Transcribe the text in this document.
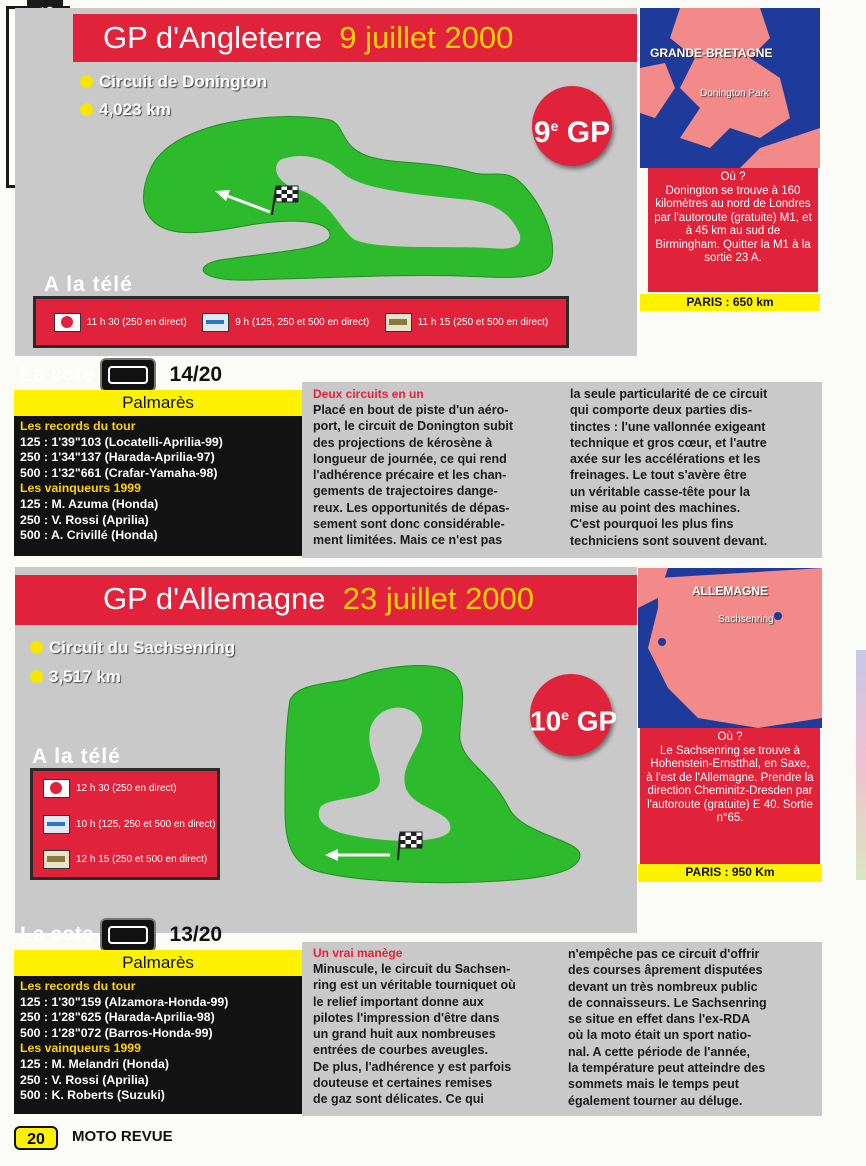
GP d'Angleterre 9 juillet 2000
Circuit de Donington
4,023 km
9e GP
A la télé
11 h 30 (250 en direct)	9 h (125, 250 et 500 en direct)	11 h 15 (250 et 500 en direct)
GRANDE-BRETAGNE
Donington Park
Où ?
Donington se trouve à 160 kilomètres au nord de Londres par l'autoroute (gratuite) M1, et à 45 km au sud de Birmingham. Quitter la M1 à la sortie 23 A.
PARIS : 650 km
La cote	14/20
Palmarès
Les records du tour
125 : 1'39"103 (Locatelli-Aprilia-99)
250 : 1'34"137 (Harada-Aprilia-97)
500 : 1'32"661 (Crafar-Yamaha-98)
Les vainqueurs 1999
125 : M. Azuma (Honda)
250 : V. Rossi (Aprilia)
500 : A. Crivillé (Honda)
Deux circuits en un
Placé en bout de piste d'un aéro-
port, le circuit de Donington subit
des projections de kérosène à
longueur de journée, ce qui rend
l'adhérence précaire et les chan-
gements de trajectoires dange-
reux. Les opportunités de dépas-
sement sont donc considérable-
ment limitées. Mais ce n'est pas
la seule particularité de ce circuit
qui comporte deux parties dis-
tinctes : l'une vallonnée exigeant
technique et gros cœur, et l'autre
axée sur les accélérations et les
freinages. Le tout s'avère être
un véritable casse-tête pour la
mise au point des machines.
C'est pourquoi les plus fins
techniciens sont souvent devant.
GP d'Allemagne 23 juillet 2000
Circuit du Sachsenring
3,517 km
10e GP
A la télé
12 h 30 (250 en direct)
10 h (125, 250 et 500 en direct)
12 h 15 (250 et 500 en direct)
ALLEMAGNE
Sachsenring
Où ?
Le Sachsenring se trouve à Hohenstein-Ernstthal, en Saxe, à l'est de l'Allemagne. Prendre la direction Cheminitz-Dresden par l'autoroute (gratuite) E 40. Sortie n°65.
PARIS : 950 Km
La cote	13/20
Palmarès
Les records du tour
125 : 1'30"159 (Alzamora-Honda-99)
250 : 1'28"625 (Harada-Aprilia-98)
500 : 1'28"072 (Barros-Honda-99)
Les vainqueurs 1999
125 : M. Melandri (Honda)
250 : V. Rossi (Aprilia)
500 : K. Roberts (Suzuki)
Un vrai manège
Minuscule, le circuit du Sachsen-
ring est un véritable tourniquet où
le relief important donne aux
pilotes l'impression d'être dans
un grand huit aux nombreuses
entrées de courbes aveugles.
De plus, l'adhérence y est parfois
douteuse et certaines remises
de gaz sont délicates. Ce qui
n'empêche pas ce circuit d'offrir
des courses âprement disputées
devant un très nombreux public
de connaisseurs. Le Sachsenring
se situe en effet dans l'ex-RDA
où la moto était un sport natio-
nal. A cette période de l'année,
la température peut atteindre des
sommets mais le temps peut
également tourner au déluge.
20	MOTO REVUE
